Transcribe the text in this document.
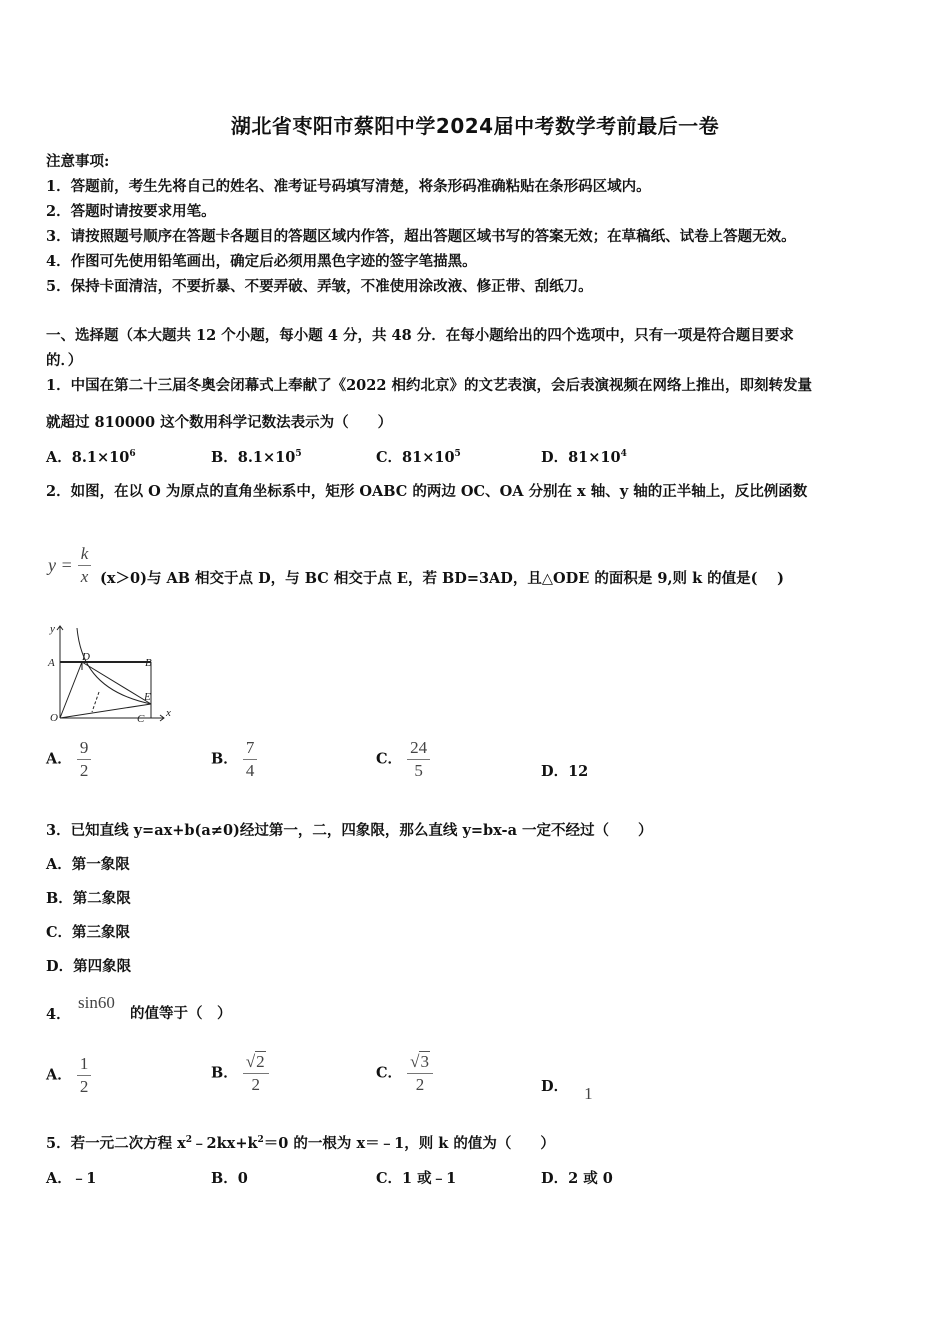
湖北省枣阳市蔡阳中学2024届中考数学考前最后一卷
注意事项:
1．答题前，考生先将自己的姓名、准考证号码填写清楚，将条形码准确粘贴在条形码区域内。
2．答题时请按要求用笔。
3．请按照题号顺序在答题卡各题目的答题区域内作答，超出答题区域书写的答案无效；在草稿纸、试卷上答题无效。
4．作图可先使用铅笔画出，确定后必须用黑色字迹的签字笔描黑。
5．保持卡面清洁，不要折暴、不要弄破、弄皱，不准使用涂改液、修正带、刮纸刀。
一、选择题（本大题共 12 个小题，每小题 4 分，共 48 分．在每小题给出的四个选项中，只有一项是符合题目要求
的．）
1．中国在第二十三届冬奥会闭幕式上奉献了《2022 相约北京》的文艺表演，会后表演视频在网络上推出，即刻转发量
就超过 810000 这个数用科学记数法表示为（　　）
A．$8.1\times 10^6$	B．$8.1\times 10^5$	C．$81\times 10^5$	D．$81\times 10^4$
2．如图，在以 O 为原点的直角坐标系中，矩形 OABC 的两边 OC、OA 分别在 x 轴、y 轴的正半轴上，反比例函数
$y = \frac{k}{x} (x>0)$与 AB 相交于点 D，与 BC 相交于点 E，若 BD=3AD，且△ODE 的面积是 9,则 k 的值是(　 )
y
x
A D	B
E
O	C
A． $\frac{9}{2}$	B． $\frac{7}{4}$	C． $\frac{24}{5}$	D．12
3．已知直线 y=ax+b(a≠0)经过第一，二，四象限，那么直线 y=bx-a 一定不经过（　　）
A．第一象限
B．第二象限
C．第三象限
D．第四象限
4．
sin60
的值等于（　）
A． $\frac{1}{2}$	B． $\frac{√2}{2}$	C． $\frac{√3}{2}$	D． 1
5．若一元二次方程 $x^2﹣2kx+k^2=0$ 的一根为 x＝﹣1，则 k 的值为（　　）
A．﹣1	B．0	C．1 或﹣1	D．2 或 0
